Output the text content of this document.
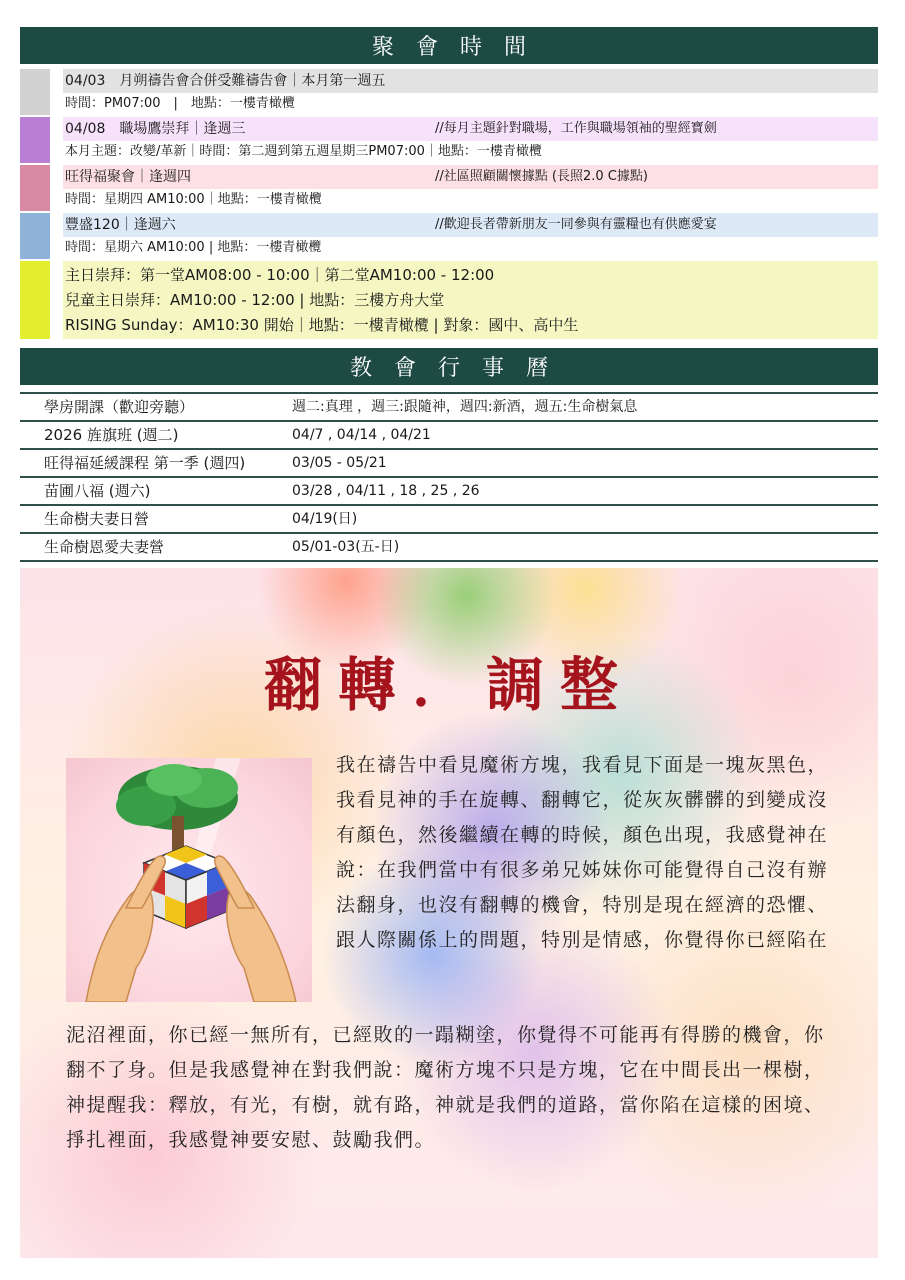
聚會時間
04/03　月朔禱告會合併受難禱告會｜本月第一週五
時間：PM07:00　|　地點：一樓青橄欖
04/08　職場鷹崇拜｜逢週三	//每月主題針對職場，工作與職場領袖的聖經寶劍
本月主題：改變/革新｜時間：第二週到第五週星期三PM07:00｜地點：一樓青橄欖
旺得福聚會｜逢週四	//社區照顧關懷據點 (長照2.0 C據點)
時間：星期四 AM10:00｜地點：一樓青橄欖
豐盛120｜逢週六	//歡迎長者帶新朋友一同參與有靈糧也有供應愛宴
時間：星期六 AM10:00 | 地點：一樓青橄欖
主日崇拜：第一堂AM08:00 - 10:00｜第二堂AM10:00 - 12:00
兒童主日崇拜：AM10:00 - 12:00 | 地點：三樓方舟大堂
RISING Sunday：AM10:30 開始｜地點：一樓青橄欖 | 對象：國中、高中生
教會行事曆
學房開課（歡迎旁聽）	週二:真理 ，週三:跟隨神，週四:新酒，週五:生命樹氣息
2026 旌旗班 (週二)	04/7 , 04/14 , 04/21
旺得福延緩課程 第一季 (週四)	03/05 - 05/21
苗圃八福 (週六)	03/28 , 04/11 , 18 , 25 , 26
生命樹夫妻日營	04/19(日)
生命樹恩愛夫妻營	05/01-03(五-日)
翻轉．調整

我在禱告中看見魔術方塊，我看見下面是一塊灰黑色，我看見神的手在旋轉、翻轉它，從灰灰髒髒的到變成沒有顏色，然後繼續在轉的時候，顏色出現，我感覺神在說：在我們當中有很多弟兄姊妹你可能覺得自己沒有辦法翻身，也沒有翻轉的機會，特別是現在經濟的恐懼、跟人際關係上的問題，特別是情感，你覺得你已經陷在

泥沼裡面，你已經一無所有，已經敗的一蹋糊塗，你覺得不可能再有得勝的機會，你翻不了身。但是我感覺神在對我們說：魔術方塊不只是方塊，它在中間長出一棵樹，神提醒我：釋放，有光，有樹，就有路，神就是我們的道路，當你陷在這樣的困境、掙扎裡面，我感覺神要安慰、鼓勵我們。
